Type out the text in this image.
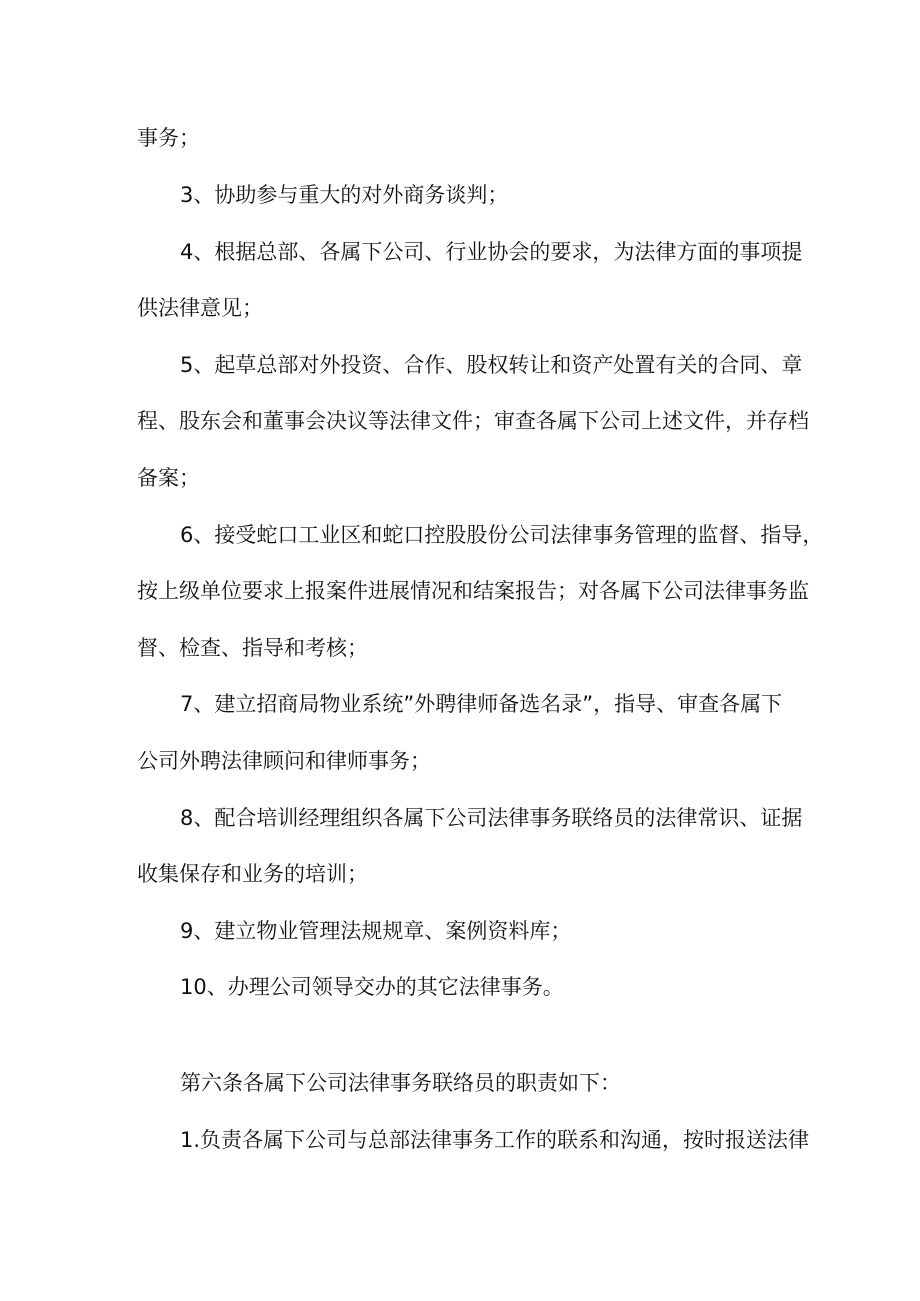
事务；
3、协助参与重大的对外商务谈判；
4、根据总部、各属下公司、行业协会的要求，为法律方面的事项提
供法律意见；
5、起草总部对外投资、合作、股权转让和资产处置有关的合同、章
程、股东会和董事会决议等法律文件；审查各属下公司上述文件，并存档
备案；
6、接受蛇口工业区和蛇口控股股份公司法律事务管理的监督、指导，
按上级单位要求上报案件进展情况和结案报告；对各属下公司法律事务监
督、检查、指导和考核；
7、建立招商局物业系统”外聘律师备选名录”，指导、审查各属下
公司外聘法律顾问和律师事务；
8、配合培训经理组织各属下公司法律事务联络员的法律常识、证据
收集保存和业务的培训；
9、建立物业管理法规规章、案例资料库；
10、办理公司领导交办的其它法律事务。
第六条各属下公司法律事务联络员的职责如下：
1.负责各属下公司与总部法律事务工作的联系和沟通，按时报送法律
